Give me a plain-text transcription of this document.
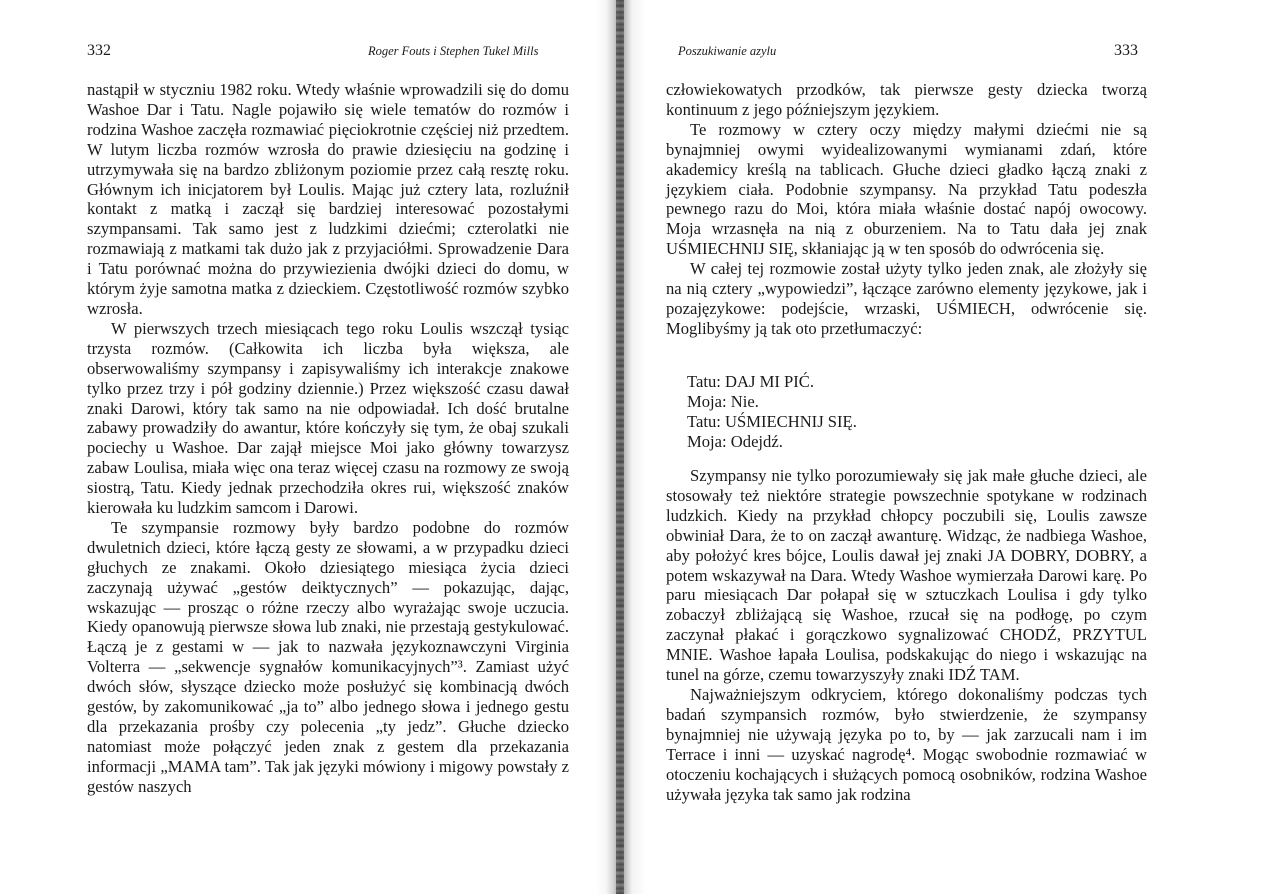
332	Roger Fouts i Stephen Tukel Mills

nastąpił w styczniu 1982 roku. Wtedy właśnie wprowadzili się do domu Washoe Dar i Tatu. Nagle pojawiło się wiele tematów do rozmów i rodzina Washoe zaczęła rozmawiać pięciokrotnie częściej niż przedtem. W lutym liczba rozmów wzrosła do prawie dziesięciu na godzinę i utrzymywała się na bardzo zbliżonym poziomie przez całą resztę roku. Głównym ich inicjatorem był Loulis. Mając już cztery lata, rozluźnił kontakt z matką i zaczął się bardziej interesować pozostałymi szympansami. Tak samo jest z ludzkimi dziećmi; czterolatki nie rozmawiają z matkami tak dużo jak z przyjaciółmi. Sprowadzenie Dara i Tatu porównać można do przywiezienia dwójki dzieci do domu, w którym żyje samotna matka z dzieckiem. Częstotliwość rozmów szybko wzrosła.

W pierwszych trzech miesiącach tego roku Loulis wszczął tysiąc trzysta rozmów. (Całkowita ich liczba była większa, ale obserwowaliśmy szympansy i zapisywaliśmy ich interakcje znakowe tylko przez trzy i pół godziny dziennie.) Przez większość czasu dawał znaki Darowi, który tak samo na nie odpowiadał. Ich dość brutalne zabawy prowadziły do awantur, które kończyły się tym, że obaj szukali pociechy u Washoe. Dar zajął miejsce Moi jako główny towarzysz zabaw Loulisa, miała więc ona teraz więcej czasu na rozmowy ze swoją siostrą, Tatu. Kiedy jednak przechodziła okres rui, większość znaków kierowała ku ludzkim samcom i Darowi.

Te szympansie rozmowy były bardzo podobne do rozmów dwuletnich dzieci, które łączą gesty ze słowami, a w przypadku dzieci głuchych ze znakami. Około dziesiątego miesiąca życia dzieci zaczynają używać „gestów deiktycznych” — pokazując, dając, wskazując — prosząc o różne rzeczy albo wyrażając swoje uczucia. Kiedy opanowują pierwsze słowa lub znaki, nie przestają gestykulować. Łączą je z gestami w — jak to nazwała językoznawczyni Virginia Volterra — „sekwencje sygnałów komunikacyjnych”³. Zamiast użyć dwóch słów, słyszące dziecko może posłużyć się kombinacją dwóch gestów, by zakomunikować „ja to” albo jednego słowa i jednego gestu dla przekazania prośby czy polecenia „ty jedz”. Głuche dziecko natomiast może połączyć jeden znak z gestem dla przekazania informacji „MAMA tam”. Tak jak języki mówiony i migowy powstały z gestów naszych

Poszukiwanie azylu	333

człowiekowatych przodków, tak pierwsze gesty dziecka tworzą kontinuum z jego późniejszym językiem.

Te rozmowy w cztery oczy między małymi dziećmi nie są bynajmniej owymi wyidealizowanymi wymianami zdań, które akademicy kreślą na tablicach. Głuche dzieci gładko łączą znaki z językiem ciała. Podobnie szympansy. Na przykład Tatu podeszła pewnego razu do Moi, która miała właśnie dostać napój owocowy. Moja wrzasnęła na nią z oburzeniem. Na to Tatu dała jej znak UŚMIECHNIJ SIĘ, skłaniając ją w ten sposób do odwrócenia się.

W całej tej rozmowie został użyty tylko jeden znak, ale złożyły się na nią cztery „wypowiedzi”, łączące zarówno elementy językowe, jak i pozajęzykowe: podejście, wrzaski, UŚMIECH, odwrócenie się. Moglibyśmy ją tak oto przetłumaczyć:

Tatu: DAJ MI PIĆ.
Moja: Nie.
Tatu: UŚMIECHNIJ SIĘ.
Moja: Odejdź.

Szympansy nie tylko porozumiewały się jak małe głuche dzieci, ale stosowały też niektóre strategie powszechnie spotykane w rodzinach ludzkich. Kiedy na przykład chłopcy poczubili się, Loulis zawsze obwiniał Dara, że to on zaczął awanturę. Widząc, że nadbiega Washoe, aby położyć kres bójce, Loulis dawał jej znaki JA DOBRY, DOBRY, a potem wskazywał na Dara. Wtedy Washoe wymierzała Darowi karę. Po paru miesiącach Dar połapał się w sztuczkach Loulisa i gdy tylko zobaczył zbliżającą się Washoe, rzucał się na podłogę, po czym zaczynał płakać i gorączkowo sygnalizować CHODŹ, PRZYTUL MNIE. Washoe łapała Loulisa, podskakując do niego i wskazując na tunel na górze, czemu towarzyszyły znaki IDŹ TAM.

Najważniejszym odkryciem, którego dokonaliśmy podczas tych badań szympansich rozmów, było stwierdzenie, że szympansy bynajmniej nie używają języka po to, by — jak zarzucali nam i im Terrace i inni — uzyskać nagrodę⁴. Mogąc swobodnie rozmawiać w otoczeniu kochających i służących pomocą osobników, rodzina Washoe używała języka tak samo jak rodzina
